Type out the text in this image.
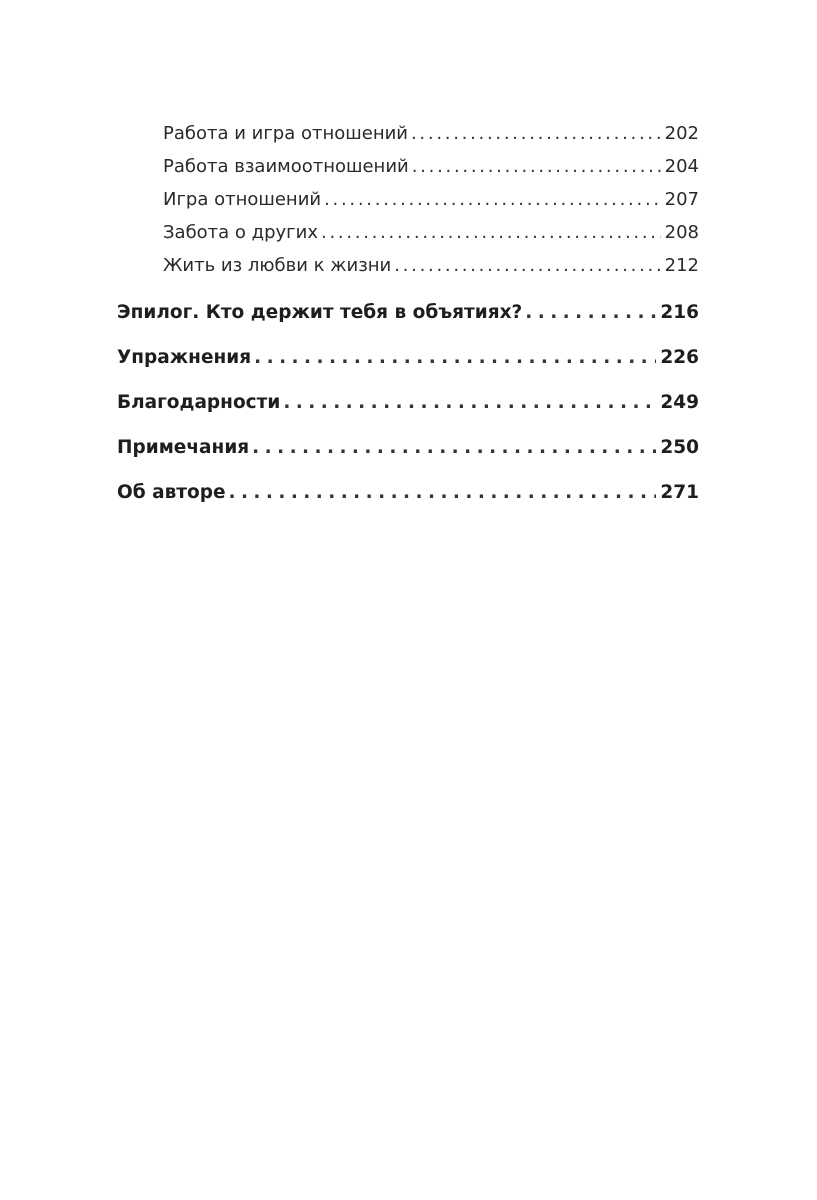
Работа и игра отношений . . .	202
Работа взаимоотношений . . .	204
Игра отношений . . .	207
Забота о других . . .	208
Жить из любви к жизни . . .	212
Эпилог. Кто держит тебя в объятиях? . . .	216
Упражнения . . .	226
Благодарности . . .	249
Примечания . . .	250
Об авторе . . .	271
